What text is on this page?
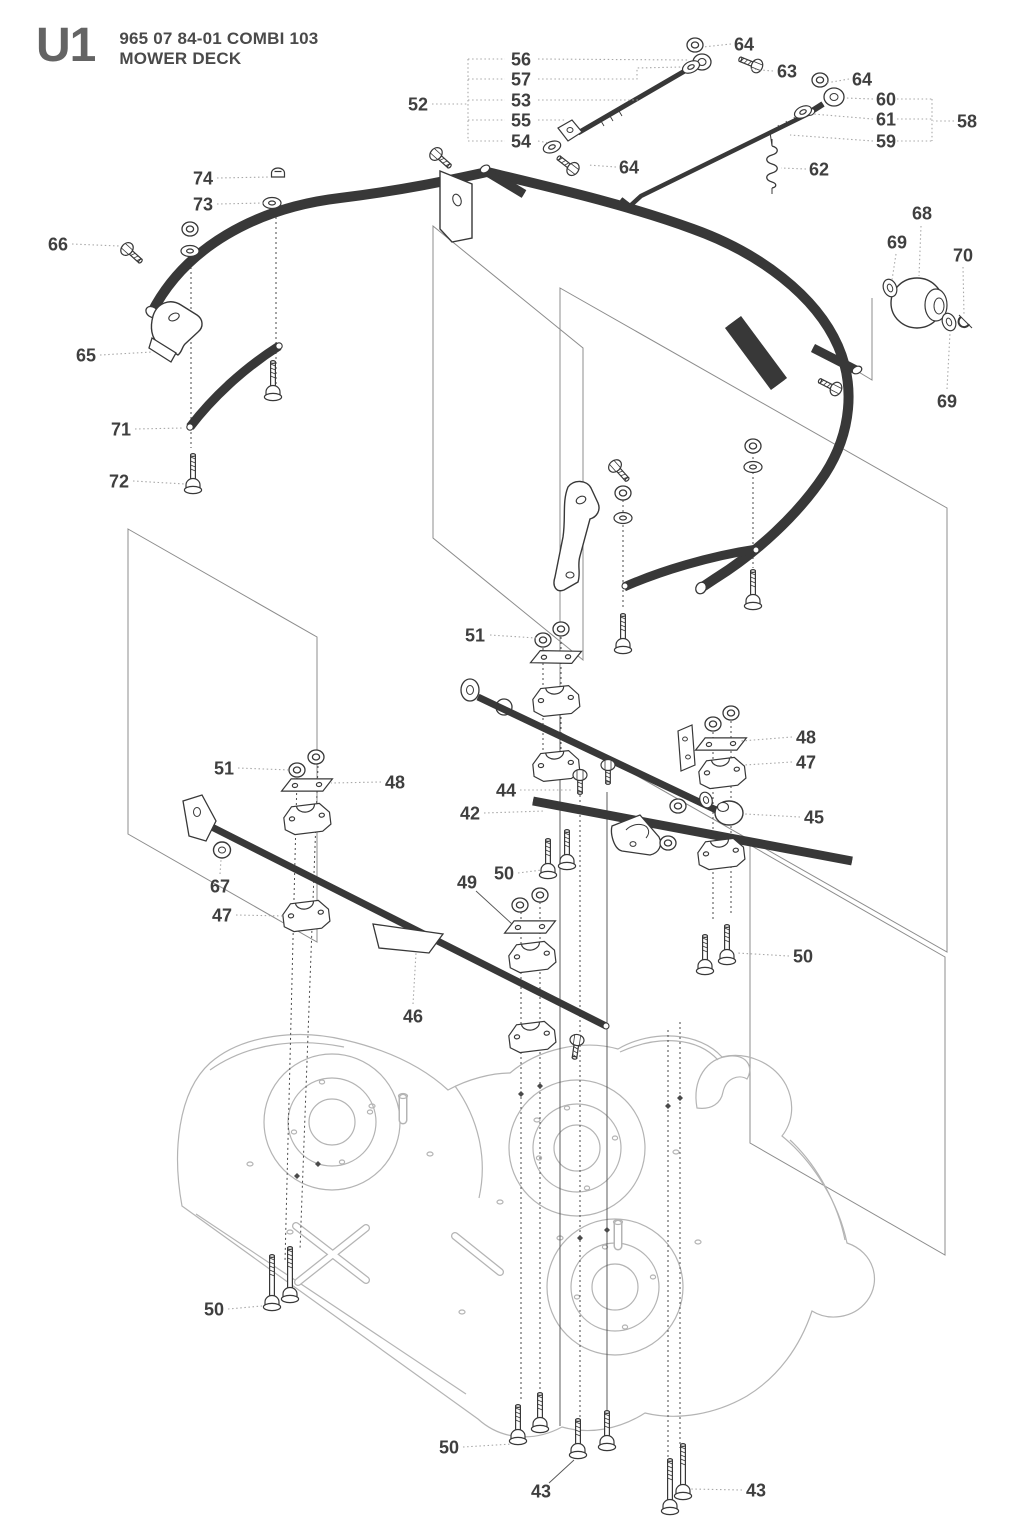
U1 965 07 84-01 COMBI 103
MOWER DECK	56
57
53
55
54
52
64
63	64
60
61
59
58
62
64
74
73
66
68
69
70
65
69
71
72
51
48
47
51
48	44
42	45
50
49
67
47
50
46
50
50
43	43
